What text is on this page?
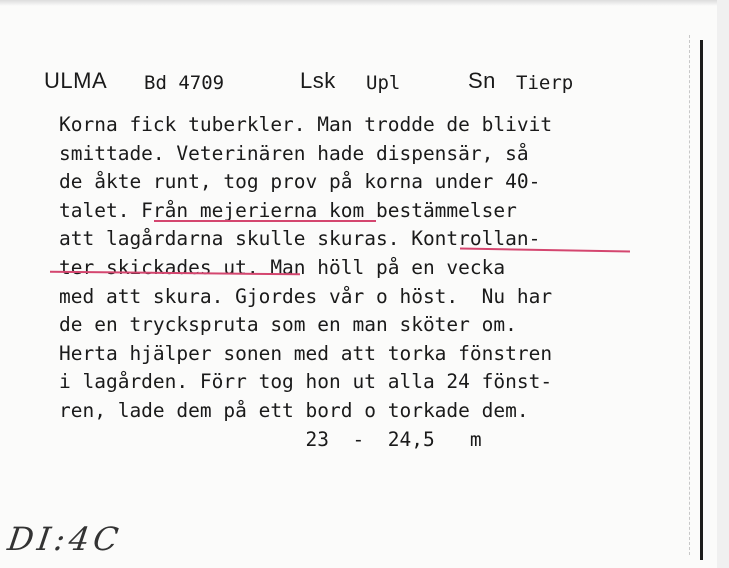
ULMA Bd 4709	Lsk Upl	Sn Tierp
Korna fick tuberkler. Man trodde de blivit
smittade. Veterinären hade dispensär, så
de åkte runt, tog prov på korna under 40-
talet. Från mejerierna kom bestämmelser
att lagårdarna skulle skuras. Kontrollan-
ter skickades ut. Man höll på en vecka
med att skura. Gjordes vår o höst.  Nu har
de en tryckspruta som en man sköter om.
Herta hjälper sonen med att torka fönstren
i lagården. Förr tog hon ut alla 24 fönst-
ren, lade dem på ett bord o torkade dem.
23  -  24,5   m
DI:4C
